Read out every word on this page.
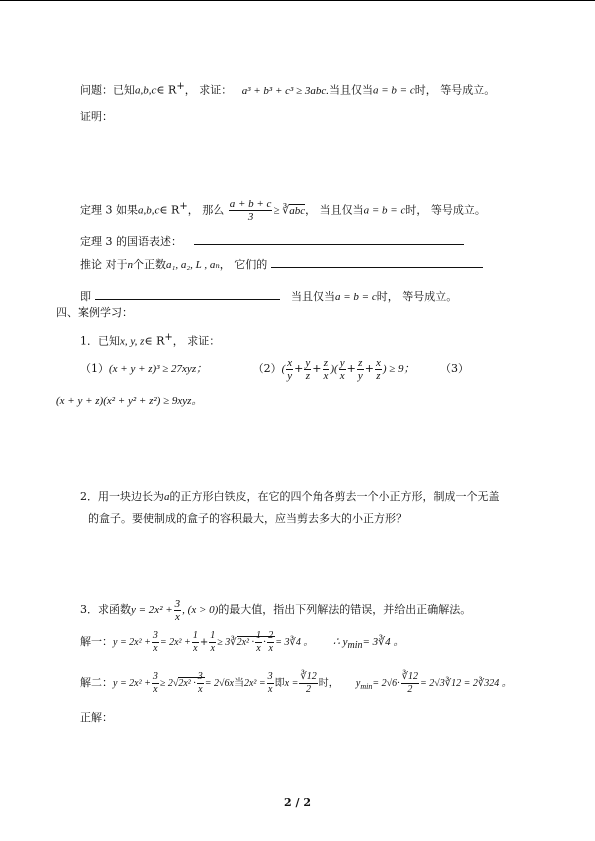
问题：已知a,b,c∈ R+， 求证： a³ + b³ + c³ ≥ 3abc.当且仅当a = b = c时， 等号成立。
证明：
定理 3 如果a,b,c∈ R+， 那么 $\frac{a + b + c}{3}$ ≥ ∛abc， 当且仅当a = b = c时， 等号成立。
定理 3 的国语表述：
推论 对于n个正数a₁, a₂, L , aₙ， 它们的
即	当且仅当a = b = c时， 等号成立。
四、案例学习：
1．已知x, y, z∈ R+， 求证：
（1）(x + y + z)³ ≥ 27xyz；	$(2)( \frac{x}{y} + \frac{y}{z} + \frac{z}{x}$ )( $\frac{y}{x} + \frac{z}{y} + \frac{x}{z}$ ) ≥ 9； （3）
(x + y + z)(x² + y² + z²) ≥ 9xyz。
2．用一块边长为a的正方形白铁皮，在它的四个角各剪去一个小正方形，制成一个无盖
的盒子。要使制成的盒子的容积最大，应当剪去多大的小正方形？
3．求函数$y = 2x^2 + \frac{3}{x}$ , (x > 0)的最大值，指出下列解法的错误，并给出正确解法。
解一：$y = 2x^2 + \frac{3}{x} = 2x^2 + \frac{1}{x} + \frac{1}{x}$ ≥ 3∛2x² · $\frac{1}{x} \cdot \frac{2}{x}$ = 3∛4 。 ∴ $y_{min}=$ 3∛4 。
解二：$y = 2x^2 + \frac{3}{x} \ge 2√2x^2 \cdot \frac{3}{x} = 2√6x$当$2x^2 = \frac{3}{x}$ 即$x = \frac{∛12}{2}$ 时， $y_{min}= 2√6\cdot \frac{∛12}{2}$ = 2√3∛12 = 2∛324 。
正解：
2 / 2
